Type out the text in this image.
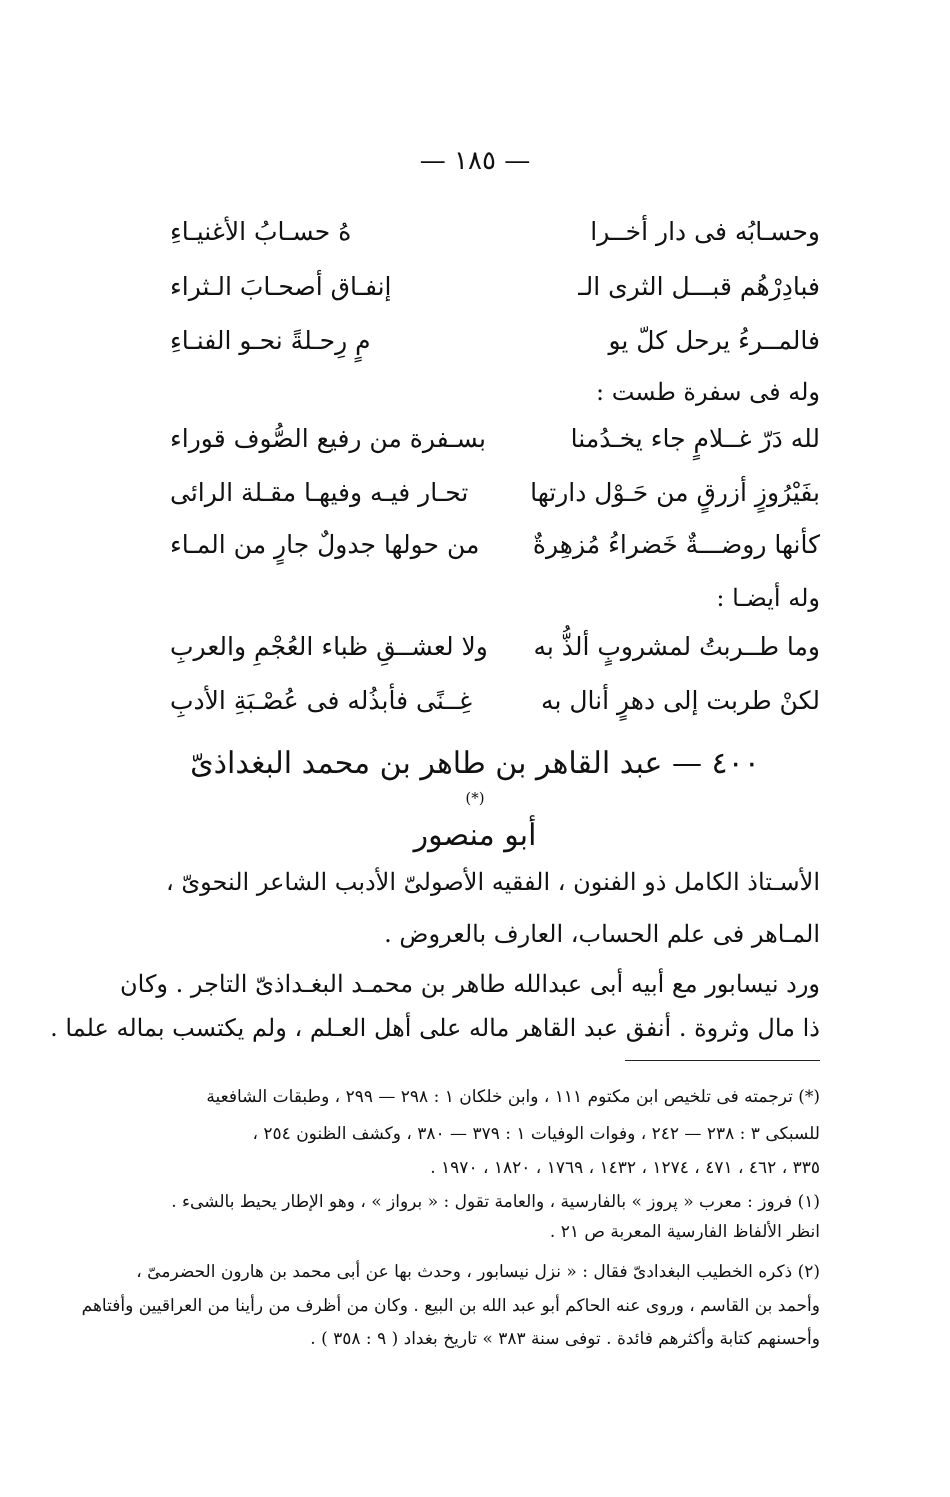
— ١٨٥ —
وحسـابُه فى دار أخــرا
هُ حسـابُ الأغنيـاءِ
فبادِرْهُم قبـــل الثرى الـ
إنفـاق أصحـابَ الـثراء
فالمــرءُ يرحل كلّ يو
مٍ رِحـلةً نحـو الفنـاءِ
وله فى سفرة طست :
لله دَرّ غــلامٍ جاء يخـدُمنا
بسـفرة من رفيع الصُّوف قوراء
بفَيْرُوزٍ أزرقٍ من حَـوْل دارتها
تحـار فيـه وفيهـا مقـلة الرائى
كأنها روضـــةٌ خَضراءُ مُزهِرةٌ
من حولها جدولٌ جارٍ من المـاء
وله أيضـا :
وما طــربتُ لمشروبٍ ألذُّ به
ولا لعشــقِ ظباء العُجْمِ والعربِ
لكنْ طربت إلى دهرٍ أنال به
غِــنًى فأبذُله فى عُصْـبَةِ الأدبِ
٤٠٠ — عبد القاهر بن طاهر بن محمد البغداذىّ
(*)
أبو منصور
الأسـتاذ الكامل ذو الفنون ، الفقيه الأصولىّ الأدبب الشاعر النحوىّ ،
المـاهر فى علم الحساب، العارف بالعروض .
ورد نيسابور مع أبيه أبى عبدالله طاهر بن محمـد البغـداذىّ التاجر . وكان
ذا مال وثروة . أنفق عبد القاهر ماله على أهل العـلم ، ولم يكتسب بماله علما .
(*) ترجمته فى تلخيص ابن مكتوم ١١١ ، وابن خلكان ١ : ٢٩٨ — ٢٩٩ ، وطبقات الشافعية
للسبكى ٣ : ٢٣٨ — ٢٤٢ ، وفوات الوفيات ١ : ٣٧٩ — ٣٨٠ ، وكشف الظنون ٢٥٤ ،
٣٣٥ ، ٤٦٢ ، ٤٧١ ، ١٢٧٤ ، ١٤٣٢ ، ١٧٦٩ ، ١٨٢٠ ، ١٩٧٠ .
(١) فروز : معرب « پروز » بالفارسية ، والعامة تقول : « برواز » ، وهو الإطار يحيط بالشىء .
انظر الألفاظ الفارسية المعربة ص ٢١ .
(٢) ذكره الخطيب البغدادىّ فقال : « نزل نيسابور ، وحدث بها عن أبى محمد بن هارون الحضرمىّ ،
وأحمد بن القاسم ، وروى عنه الحاكم أبو عبد الله بن البيع . وكان من أظرف من رأينا من العراقيين وأفتاهم
وأحسنهم كتابة وأكثرهم فائدة . توفى سنة ٣٨٣ » تاريخ بغداد ( ٩ : ٣٥٨ ) .
